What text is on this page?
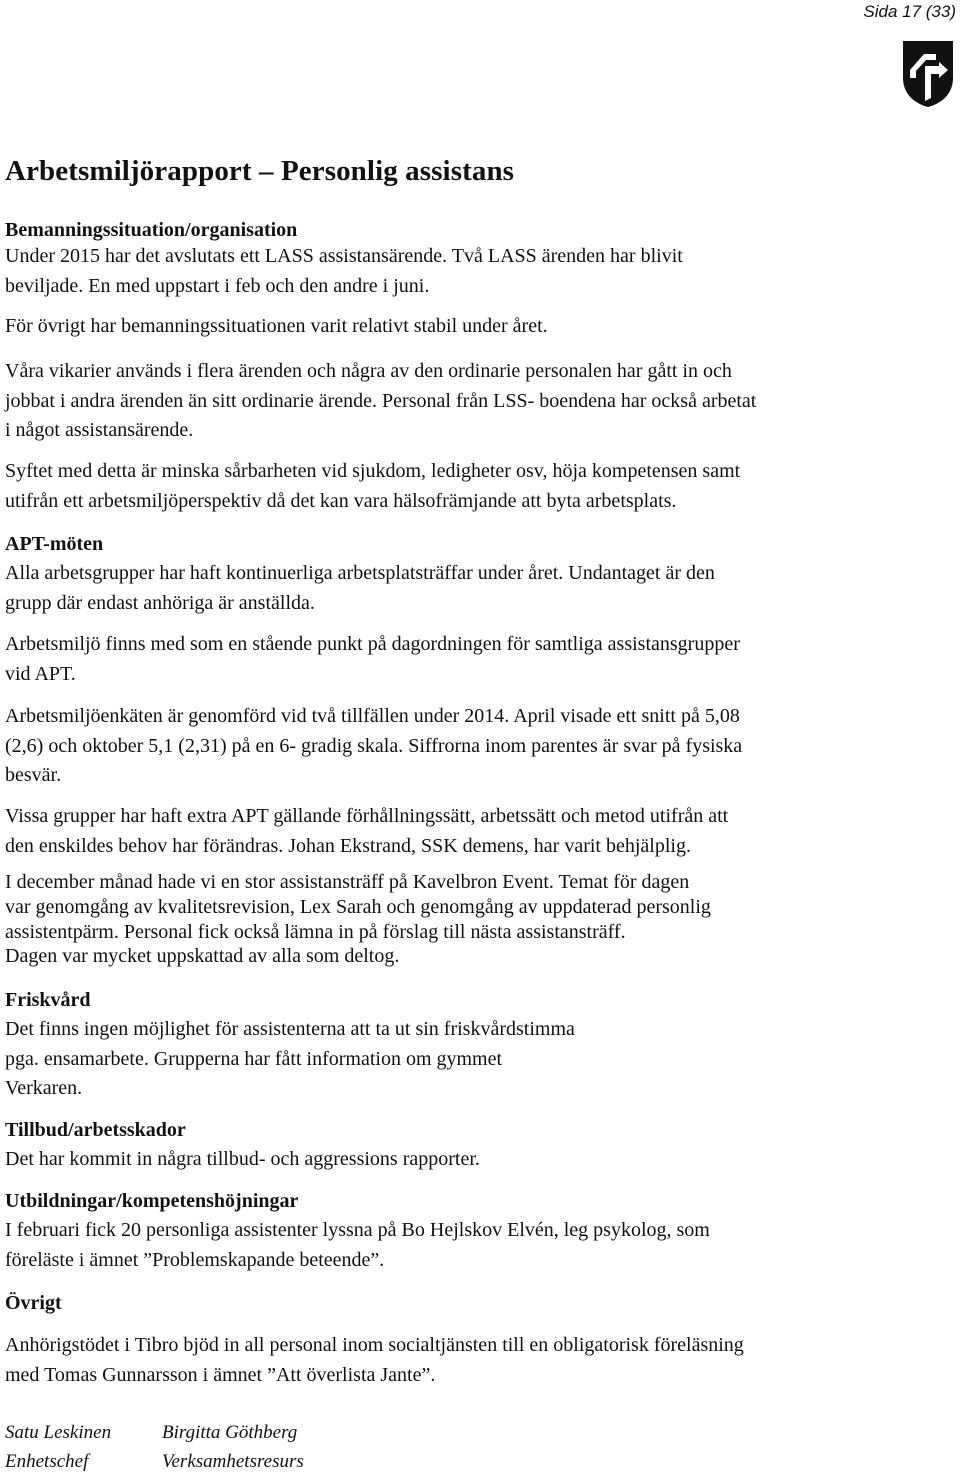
Sida 17 (33)
Arbetsmiljörapport – Personlig assistans
Bemanningssituation/organisation
Under 2015 har det avslutats ett LASS assistansärende. Två LASS ärenden har blivit
beviljade. En med uppstart i feb och den andre i juni.
För övrigt har bemanningssituationen varit relativt stabil under året.
Våra vikarier används i flera ärenden och några av den ordinarie personalen har gått in och
jobbat i andra ärenden än sitt ordinarie ärende. Personal från LSS- boendena har också arbetat
i något assistansärende.
Syftet med detta är minska sårbarheten vid sjukdom, ledigheter osv, höja kompetensen samt
utifrån ett arbetsmiljöperspektiv då det kan vara hälsofrämjande att byta arbetsplats.
APT-möten
Alla arbetsgrupper har haft kontinuerliga arbetsplatsträffar under året. Undantaget är den
grupp där endast anhöriga är anställda.
Arbetsmiljö finns med som en stående punkt på dagordningen för samtliga assistansgrupper
vid APT.
Arbetsmiljöenkäten är genomförd vid två tillfällen under 2014. April visade ett snitt på 5,08
(2,6) och oktober 5,1 (2,31) på en 6- gradig skala. Siffrorna inom parentes är svar på fysiska
besvär.
Vissa grupper har haft extra APT gällande förhållningssätt, arbetssätt och metod utifrån att
den enskildes behov har förändras. Johan Ekstrand, SSK demens, har varit behjälplig.
I december månad hade vi en stor assistansträff på Kavelbron Event. Temat för dagen
var genomgång av kvalitetsrevision, Lex Sarah och genomgång av uppdaterad personlig
assistentpärm. Personal fick också lämna in på förslag till nästa assistansträff.
Dagen var mycket uppskattad av alla som deltog.
Friskvård
Det finns ingen möjlighet för assistenterna att ta ut sin friskvårdstimma
pga. ensamarbete. Grupperna har fått information om gymmet
Verkaren.
Tillbud/arbetsskador
Det har kommit in några tillbud- och aggressions rapporter.
Utbildningar/kompetenshöjningar
I februari fick 20 personliga assistenter lyssna på Bo Hejlskov Elvén, leg psykolog, som
föreläste i ämnet ”Problemskapande beteende”.
Övrigt
Anhörigstödet i Tibro bjöd in all personal inom socialtjänsten till en obligatorisk föreläsning
med Tomas Gunnarsson i ämnet ”Att överlista Jante”.
Satu Leskinen
Enhetschef
Birgitta Göthberg
Verksamhetsresurs
